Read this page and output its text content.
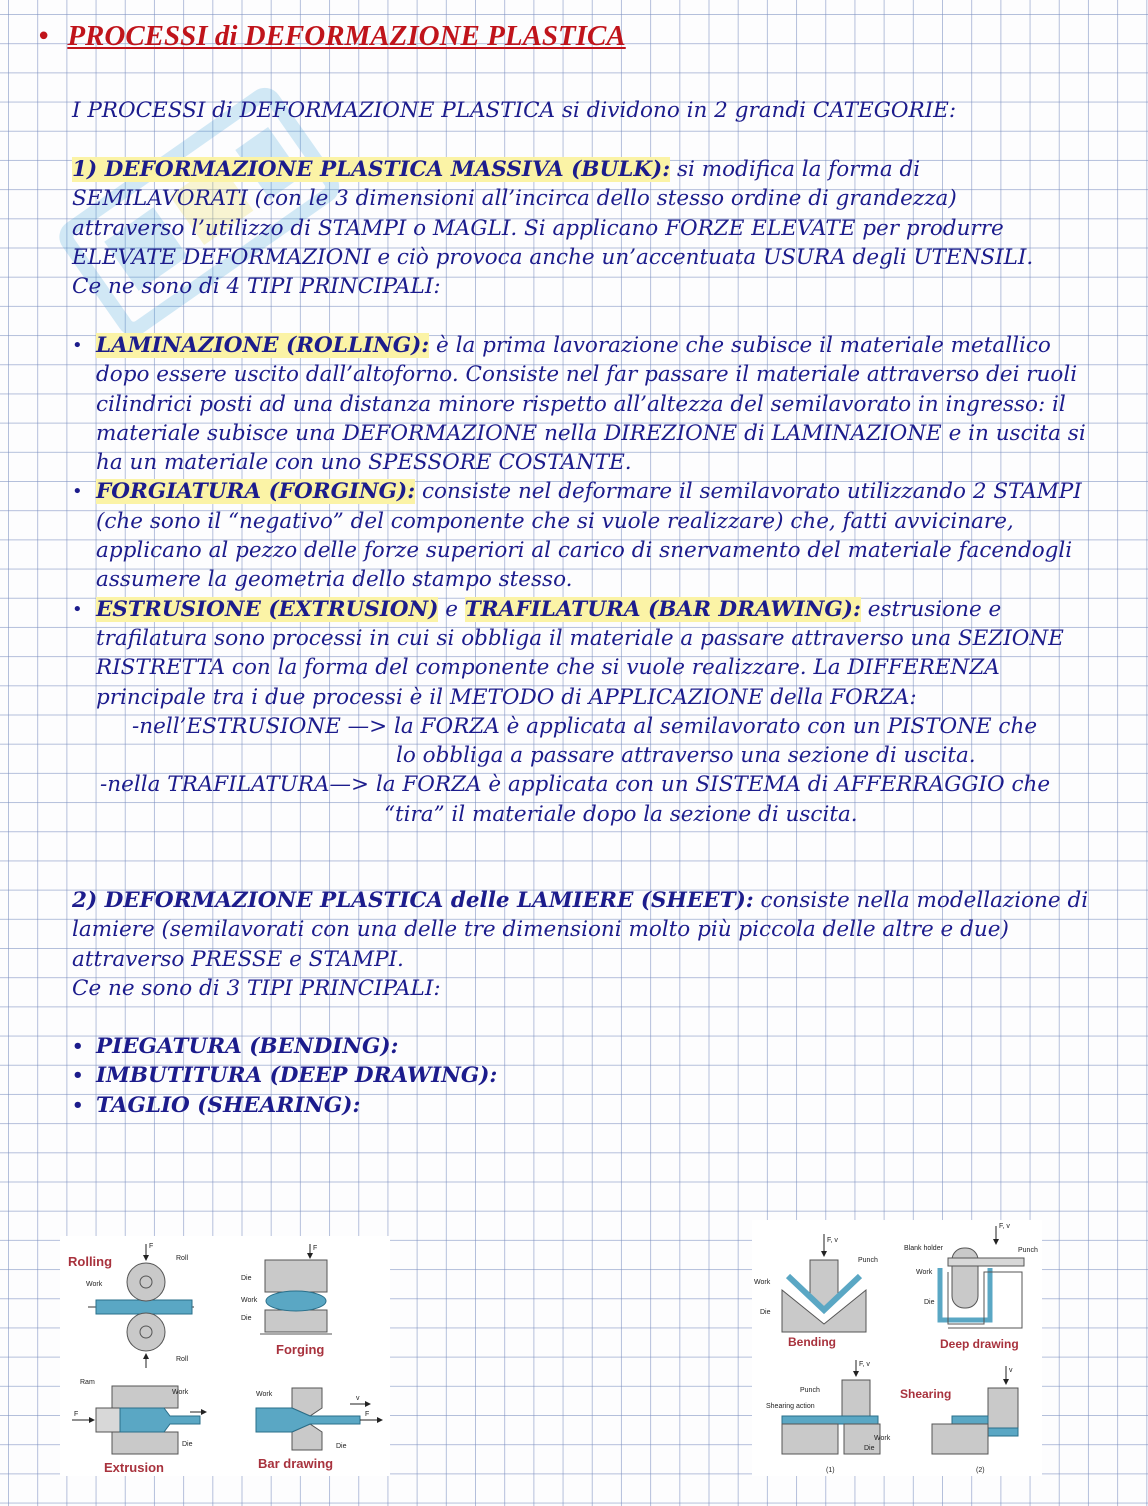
• PROCESSI di DEFORMAZIONE PLASTICA
I PROCESSI di DEFORMAZIONE PLASTICA si dividono in 2 grandi CATEGORIE:
1) DEFORMAZIONE PLASTICA MASSIVA (BULK): si modifica la forma di SEMILAVORATI (con le 3 dimensioni all’incirca dello stesso ordine di grandezza) attraverso l’utilizzo di STAMPI o MAGLI. Si applicano FORZE ELEVATE per produrre ELEVATE DEFORMAZIONI e ciò provoca anche un’accentuata USURA degli UTENSILI.
Ce ne sono di 4 TIPI PRINCIPALI:
• LAMINAZIONE (ROLLING): è la prima lavorazione che subisce il materiale metallico dopo essere uscito dall’altoforno. Consiste nel far passare il materiale attraverso dei ruoli cilindrici posti ad una distanza minore rispetto all’altezza del semilavorato in ingresso: il materiale subisce una DEFORMAZIONE nella DIREZIONE di LAMINAZIONE e in uscita si ha un materiale con uno SPESSORE COSTANTE.
• FORGIATURA (FORGING): consiste nel deformare il semilavorato utilizzando 2 STAMPI (che sono il “negativo” del componente che si vuole realizzare) che, fatti avvicinare, applicano al pezzo delle forze superiori al carico di snervamento del materiale facendogli assumere la geometria dello stampo stesso.
• ESTRUSIONE (EXTRUSION) e TRAFILATURA (BAR DRAWING): estrusione e trafilatura sono processi in cui si obbliga il materiale a passare attraverso una SEZIONE RISTRETTA con la forma del componente che si vuole realizzare. La DIFFERENZA principale tra i due processi è il METODO di APPLICAZIONE della FORZA:
-nell’ESTRUSIONE —> la FORZA è applicata al semilavorato con un PISTONE che
lo obbliga a passare attraverso una sezione di uscita.
-nella TRAFILATURA—> la FORZA è applicata con un SISTEMA di AFFERRAGGIO che
“tira” il materiale dopo la sezione di uscita.
2) DEFORMAZIONE PLASTICA delle LAMIERE (SHEET): consiste nella modellazione di lamiere (semilavorati con una delle tre dimensioni molto più piccola delle altre e due) attraverso PRESSE e STAMPI.
Ce ne sono di 3 TIPI PRINCIPALI:
• PIEGATURA (BENDING):
• IMBUTITURA (DEEP DRAWING):
• TAGLIO (SHEARING):
Rolling
F
Roll
Roll
Work
F
Die
Work
Die
Forging
F
Ram
Work
Die
Extrusion
F
v
Work
Die
Bar drawing
F, v
Punch
Work
Die
Bending
F, v
Blank holder	Punch
Work
Die
Deep drawing
F, v
Punch
Shearing action
Work
Die
(1)
Shearing
v
(2)
